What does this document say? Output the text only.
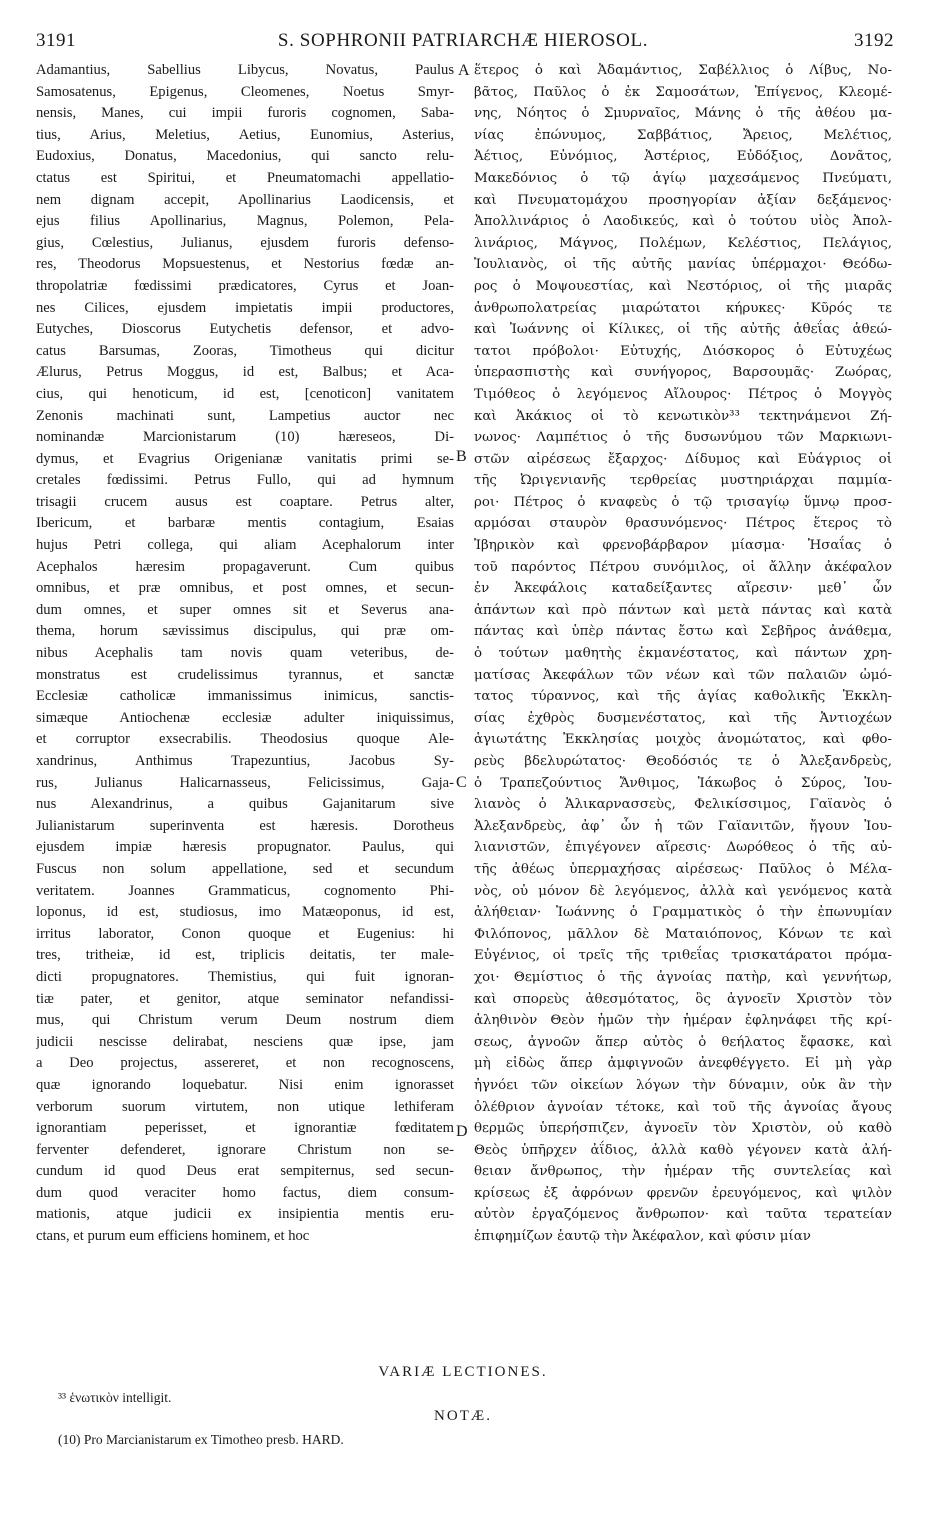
3191	S. SOPHRONII PATRIARCHÆ HIEROSOL.	3192
Adamantius, Sabellius Libycus, Novatus, Paulus
Samosatenus, Epigenus, Cleomenes, Noetus Smyr-
nensis, Manes, cui impii furoris cognomen, Saba-
tius, Arius, Meletius, Aetius, Eunomius, Asterius,
Eudoxius, Donatus, Macedonius, qui sancto relu-
ctatus est Spiritui, et Pneumatomachi appellatio-
nem dignam accepit, Apollinarius Laodicensis, et
ejus filius Apollinarius, Magnus, Polemon, Pela-
gius, Cœlestius, Julianus, ejusdem furoris defenso-
res, Theodorus Mopsuestenus, et Nestorius fœdæ an-
thropolatriæ fœdissimi prædicatores, Cyrus et Joan-
nes Cilices, ejusdem impietatis impii productores,
Eutyches, Dioscorus Eutychetis defensor, et advo-
catus Barsumas, Zooras, Timotheus qui dicitur
Ælurus, Petrus Moggus, id est, Balbus; et Aca-
cius, qui henoticum, id est, [cenoticon] vanitatem
Zenonis machinati sunt, Lampetius auctor nec
nominandæ Marcionistarum (10) hæreseos, Di-
dymus, et Evagrius Origenianæ vanitatis primi se-
cretales fœdissimi. Petrus Fullo, qui ad hymnum
trisagii crucem ausus est coaptare. Petrus alter,
Ibericum, et barbaræ mentis contagium, Esaias
hujus Petri collega, qui aliam Acephalorum inter
Acephalos hæresim propagaverunt. Cum quibus
omnibus, et præ omnibus, et post omnes, et secun-
dum omnes, et super omnes sit et Severus ana-
thema, horum sævissimus discipulus, qui præ om-
nibus Acephalis tam novis quam veteribus, de-
monstratus est crudelissimus tyrannus, et sanctæ
Ecclesiæ catholicæ immanissimus inimicus, sanctis-
simæque Antiochenæ ecclesiæ adulter iniquissimus,
et corruptor exsecrabilis. Theodosius quoque Ale-
xandrinus, Anthimus Trapezuntius, Jacobus Sy-
rus, Julianus Halicarnasseus, Felicissimus, Gaja-
nus Alexandrinus, a quibus Gajanitarum sive
Julianistarum superinventa est hæresis. Dorotheus
ejusdem impiæ hæresis propugnator. Paulus, qui
Fuscus non solum appellatione, sed et secundum
veritatem. Joannes Grammaticus, cognomento Phi-
loponus, id est, studiosus, imo Matæoponus, id est,
irritus laborator, Conon quoque et Eugenius: hi
tres, tritheiæ, id est, triplicis deitatis, ter male-
dicti propugnatores. Themistius, qui fuit ignoran-
tiæ pater, et genitor, atque seminator nefandissi-
mus, qui Christum verum Deum nostrum diem
judicii nescisse delirabat, nesciens quæ ipse, jam
a Deo projectus, assereret, et non recognoscens,
quæ ignorando loquebatur. Nisi enim ignorasset
verborum suorum virtutem, non utique lethiferam
ignorantiam peperisset, et ignorantiæ fœditatem
ferventer defenderet, ignorare Christum non se-
cundum id quod Deus erat sempiternus, sed secun-
dum quod veraciter homo factus, diem consum-
mationis, atque judicii ex insipientia mentis eru-
ctans, et purum eum efficiens hominem, et hoc
ἕτερος ὁ καὶ Ἀδαμάντιος, Σαβέλλιος ὁ Λίβυς, Νο-
βᾶτος, Παῦλος ὁ ἐκ Σαμοσάτων, Ἐπίγενος, Κλεομέ-
νης, Νόητος ὁ Σμυρναῖος, Μάνης ὁ τῆς ἀθέου μα-
νίας ἐπώνυμος, Σαββάτιος, Ἄρειος, Μελέτιος,
Ἀέτιος, Εὐνόμιος, Ἀστέριος, Εὐδόξιος, Δονᾶτος,
Μακεδόνιος ὁ τῷ ἁγίῳ μαχεσάμενος Πνεύματι,
καὶ Πνευματομάχου προσηγορίαν ἀξίαν δεξάμενος·
Ἀπολλινάριος ὁ Λαοδικεύς, καὶ ὁ τούτου υἱὸς Ἀπολ-
λινάριος, Μάγνος, Πολέμων, Κελέστιος, Πελάγιος,
Ἰουλιανὸς, οἱ τῆς αὐτῆς μανίας ὑπέρμαχοι· Θεόδω-
ρος ὁ Μοψουεστίας, καὶ Νεστόριος, οἱ τῆς μιαρᾶς
ἀνθρωπολατρείας μιαρώτατοι κήρυκες· Κῦρός τε
καὶ Ἰωάννης οἱ Κίλικες, οἱ τῆς αὐτῆς ἀθεΐας ἀθεώ-
τατοι πρόβολοι· Εὐτυχής, Διόσκορος ὁ Εὐτυχέως
ὑπερασπιστὴς καὶ συνήγορος, Βαρσουμᾶς· Ζωόρας,
Τιμόθεος ὁ λεγόμενος Αἴλουρος· Πέτρος ὁ Μογγὸς
καὶ Ἀκάκιος οἱ τὸ κενωτικὸν³³ τεκτηνάμενοι Ζή-
νωνος· Λαμπέτιος ὁ τῆς δυσωνύμου τῶν Μαρκιωνι-
στῶν αἱρέσεως ἔξαρχος· Δίδυμος καὶ Εὐάγριος οἱ
τῆς Ὠριγενιανῆς τερθρείας μυστηριάρχαι παμμία-
ροι· Πέτρος ὁ κναφεὺς ὁ τῷ τρισαγίῳ ὕμνῳ προσ-
αρμόσαι σταυρὸν θρασυνόμενος· Πέτρος ἕτερος τὸ
Ἰβηρικὸν καὶ φρενοβάρβαρον μίασμα· Ἠσαΐας ὁ
τοῦ παρόντος Πέτρου συνόμιλος, οἱ ἄλλην ἀκέφαλον
ἐν Ἀκεφάλοις καταδείξαντες αἵρεσιν· μεθ᾽ ὧν
ἁπάντων καὶ πρὸ πάντων καὶ μετὰ πάντας καὶ κατὰ
πάντας καὶ ὑπὲρ πάντας ἔστω καὶ Σεβῆρος ἀνάθεμα,
ὁ τούτων μαθητὴς ἐκμανέστατος, καὶ πάντων χρη-
ματίσας Ἀκεφάλων τῶν νέων καὶ τῶν παλαιῶν ὠμό-
τατος τύραννος, καὶ τῆς ἁγίας καθολικῆς Ἐκκλη-
σίας ἐχθρὸς δυσμενέστατος, καὶ τῆς Ἀντιοχέων
ἁγιωτάτης Ἐκκλησίας μοιχὸς ἀνομώτατος, καὶ φθο-
ρεὺς βδελυρώτατος· Θεοδόσιός τε ὁ Ἀλεξανδρεὺς,
ὁ Τραπεζούντιος Ἄνθιμος, Ἰάκωβος ὁ Σύρος, Ἰου-
λιανὸς ὁ Ἁλικαρνασσεὺς, Φελικίσσιμος, Γαϊανὸς ὁ
Ἀλεξανδρεὺς, ἀφ᾽ ὧν ἡ τῶν Γαϊανιτῶν, ἤγουν Ἰου-
λιανιστῶν, ἐπιγέγονεν αἵρεσις· Δωρόθεος ὁ τῆς αὐ-
τῆς ἀθέως ὑπερμαχήσας αἱρέσεως· Παῦλος ὁ Μέλα-
νὸς, οὐ μόνον δὲ λεγόμενος, ἀλλὰ καὶ γενόμενος κατὰ
ἀλήθειαν· Ἰωάννης ὁ Γραμματικὸς ὁ τὴν ἐπωνυμίαν
Φιλόπονος, μᾶλλον δὲ Ματαιόπονος, Κόνων τε καὶ
Εὐγένιος, οἱ τρεῖς τῆς τριθεΐας τρισκατάρατοι πρόμα-
χοι· Θεμίστιος ὁ τῆς ἀγνοίας πατὴρ, καὶ γεννήτωρ,
καὶ σπορεὺς ἀθεσμότατος, ὃς ἀγνοεῖν Χριστὸν τὸν
ἀληθινὸν Θεὸν ἡμῶν τὴν ἡμέραν ἐφληνάφει τῆς κρί-
σεως, ἀγνοῶν ἅπερ αὐτὸς ὁ θεήλατος ἔφασκε, καὶ
μὴ εἰδὼς ἅπερ ἀμφιγνοῶν ἀνεφθέγγετο. Εἰ μὴ γὰρ
ἠγνόει τῶν οἰκείων λόγων τὴν δύναμιν, οὐκ ἂν τὴν
ὀλέθριον ἀγνοίαν τέτοκε, καὶ τοῦ τῆς ἀγνοίας ἄγους
θερμῶς ὑπερήσπιζεν, ἀγνοεῖν τὸν Χριστὸν, οὐ καθὸ
Θεὸς ὑπῆρχεν ἀΐδιος, ἀλλὰ καθὸ γέγονεν κατὰ ἀλή-
θειαν ἄνθρωπος, τὴν ἡμέραν τῆς συντελείας καὶ
κρίσεως ἐξ ἀφρόνων φρενῶν ἐρευγόμενος, καὶ ψιλὸν
αὐτὸν ἐργαζόμενος ἄνθρωπον· καὶ ταῦτα τερατείαν
ἐπιφημίζων ἑαυτῷ τὴν Ἀκέφαλον, καὶ φύσιν μίαν
A
B
C
D
VARIÆ LECTIONES.
³³ ἑνωτικὸν intelligit.
NOTÆ.
(10) Pro Marcianistarum ex Timotheo presb. HARD.
